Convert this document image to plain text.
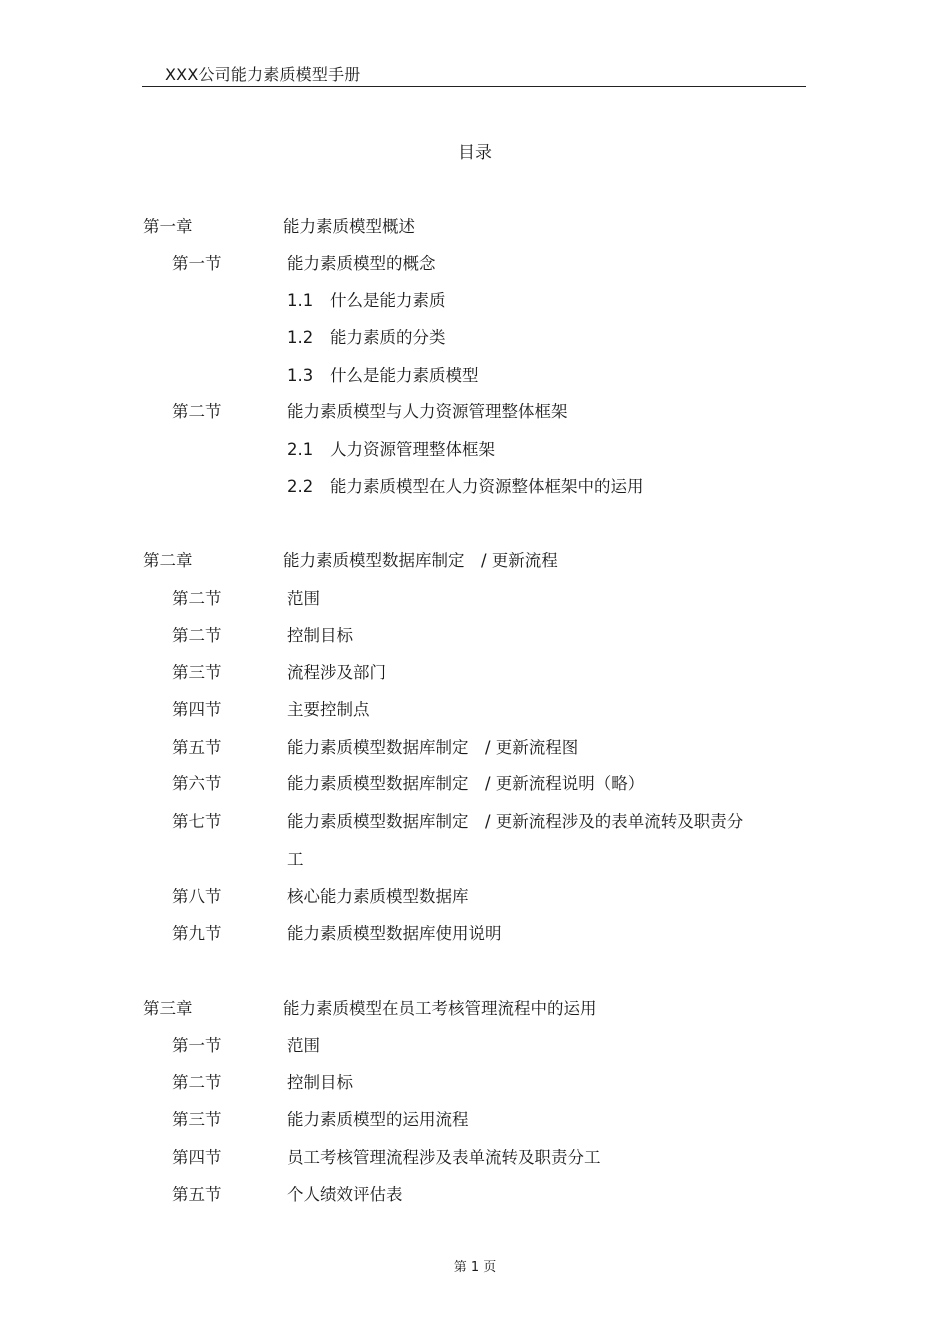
XXX公司能力素质模型手册
目录
第一章	能力素质模型概述
第一节	能力素质模型的概念
1.1 什么是能力素质
1.2 能力素质的分类
1.3 什么是能力素质模型
第二节	能力素质模型与人力资源管理整体框架
2.1 人力资源管理整体框架
2.2 能力素质模型在人力资源整体框架中的运用
第二章	能力素质模型数据库制定　/ 更新流程
第二节	范围
第二节	控制目标
第三节	流程涉及部门
第四节	主要控制点
第五节	能力素质模型数据库制定　/ 更新流程图
第六节	能力素质模型数据库制定　/ 更新流程说明（略）
第七节	能力素质模型数据库制定　/ 更新流程涉及的表单流转及职责分
工
第八节	核心能力素质模型数据库
第九节	能力素质模型数据库使用说明
第三章	能力素质模型在员工考核管理流程中的运用
第一节	范围
第二节	控制目标
第三节	能力素质模型的运用流程
第四节	员工考核管理流程涉及表单流转及职责分工
第五节	个人绩效评估表
第 1 页
